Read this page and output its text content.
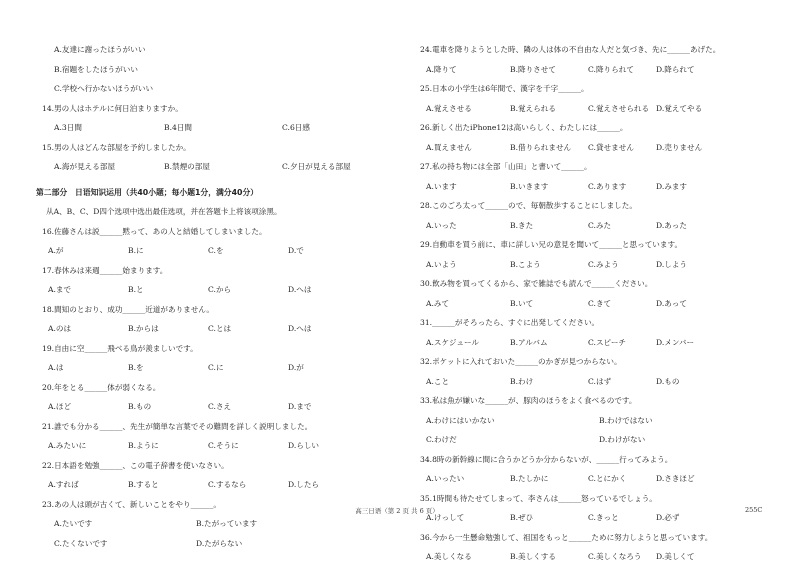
A.友達に謝ったほうがいい
B.宿題をしたほうがいい
C.学校へ行かないほうがいい
14.男の人はホテルに何日泊まりますか。
A.3日間	B.4日間	C.6日感
15.男の人はどんな部屋を予約しましたか。
A.海が見える部屋	B.禁煙の部屋	C.夕日が見える部屋
第二部分　日语知识运用（共40小题；每小题1分，满分40分）
从A、B、C、D四个选项中选出最佳选项，并在答题卡上将该项涂黑。
16.佐藤さんは説______黙って、あの人と結婚してしまいました。
A.が	B.に	C.を	D.で
17.春休みは来週______始まります。
A.まで	B.と	C.から	D.へは
18.間知のとおり、成功______近道がありません。
A.のは	B.からは	C.とは	D.へは
19.自由に空______飛べる鳥が羨ましいです。
A.は	B.を	C.に	D.が
20.年をとる______体が弱くなる。
A.ほど	B.もの	C.さえ	D.まで
21.誰でも分かる______、先生が簡単な言葉でその難問を詳しく説明しました。
A.みたいに	B.ように	C.そうに	D.らしい
22.日本語を勉強______、この電子辞書を使いなさい。
A.すれば	B.すると	C.するなら	D.したら
23.あの人は頭が古くて、新しいことをやり______。
A.たいです	B.たがっています
C.たくないです	D.たがらない
24.電車を降りようとした時、隣の人は体の不自由な人だと気づき、先に______あげた。
A.降りて	B.降りさせて	C.降りられて	D.降られて
25.日本の小学生は6年間で、漢字を千字______。
A.覚えさせる	B.覚えられる	C.覚えさせられる D.覚えてやる
26.新しく出たiPhone12は高いらしく、わたしには______。
A.買えません	B.借りられません C.貸せません	D.売りません
27.私の持ち物には全部「山田」と書いて______。
A.います	B.いきます	C.あります	D.みます
28.このごろ太って______ので、毎朝散歩することにしました。
A.いった	B.きた	C.みた	D.あった
29.自動車を買う前に、車に詳しい兄の意見を聞いて______と思っています。
A.いよう	B.こよう	C.みよう	D.しよう
30.飲み物を買ってくるから、家で雑誌でも読んで______ください。
A.みて	B.いて	C.きて	D.あって
31.______がそろったら、すぐに出発してください。
A.スケジュール	B.アルバム	C.スピーチ	D.メンバー
32.ポケットに入れておいた______のかぎが見つからない。
A.こと	B.わけ	C.はず	D.もの
33.私は魚が嫌いな______が、豚肉のほうをよく食べるのです。
A.わけにはいかない	B.わけではない
C.わけだ	D.わけがない
34.8時の新幹線に間に合うかどうか分からないが、______行ってみよう。
A.いったい	B.たしかに	C.とにかく	D.さきほど
35.1時間も待たせてしまって、李さんは______怒っているでしょう。
A.けっして	B.ぜひ	C.きっと	D.必ず
36.今から一生懸命勉強して、祖国をもっと______ために努力しようと思っています。
A.美しくなる	B.美しくする	C.美しくなろう D.美しくて
高三日语（第 2 页 共 6 页）	255C
